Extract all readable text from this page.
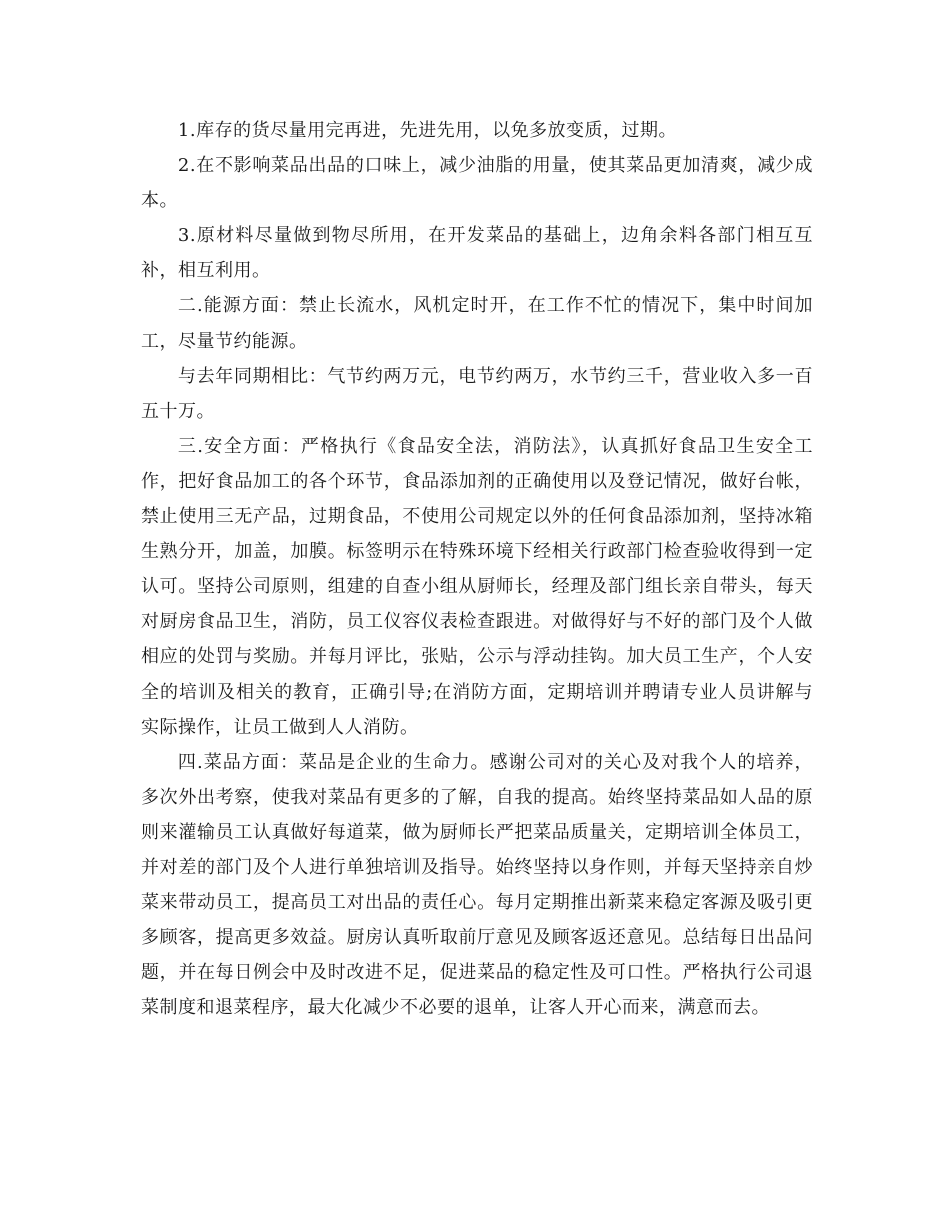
1.库存的货尽量用完再进，先进先用，以免多放变质，过期。

2.在不影响菜品出品的口味上，减少油脂的用量，使其菜品更加清爽，减少成本。

3.原材料尽量做到物尽所用，在开发菜品的基础上，边角余料各部门相互互补，相互利用。

二.能源方面：禁止长流水，风机定时开，在工作不忙的情况下，集中时间加工，尽量节约能源。

与去年同期相比：气节约两万元，电节约两万，水节约三千，营业收入多一百五十万。

三.安全方面：严格执行《食品安全法，消防法》，认真抓好食品卫生安全工作，把好食品加工的各个环节，食品添加剂的正确使用以及登记情况，做好台帐，禁止使用三无产品，过期食品，不使用公司规定以外的任何食品添加剂，坚持冰箱生熟分开，加盖，加膜。标签明示在特殊环境下经相关行政部门检查验收得到一定认可。坚持公司原则，组建的自查小组从厨师长，经理及部门组长亲自带头，每天对厨房食品卫生，消防，员工仪容仪表检查跟进。对做得好与不好的部门及个人做相应的处罚与奖励。并每月评比，张贴，公示与浮动挂钩。加大员工生产，个人安全的培训及相关的教育，正确引导;在消防方面，定期培训并聘请专业人员讲解与实际操作，让员工做到人人消防。

四.菜品方面：菜品是企业的生命力。感谢公司对的关心及对我个人的培养，多次外出考察，使我对菜品有更多的了解，自我的提高。始终坚持菜品如人品的原则来灌输员工认真做好每道菜，做为厨师长严把菜品质量关，定期培训全体员工，并对差的部门及个人进行单独培训及指导。始终坚持以身作则，并每天坚持亲自炒菜来带动员工，提高员工对出品的责任心。每月定期推出新菜来稳定客源及吸引更多顾客，提高更多效益。厨房认真听取前厅意见及顾客返还意见。总结每日出品问题，并在每日例会中及时改进不足，促进菜品的稳定性及可口性。严格执行公司退菜制度和退菜程序，最大化减少不必要的退单，让客人开心而来，满意而去。
